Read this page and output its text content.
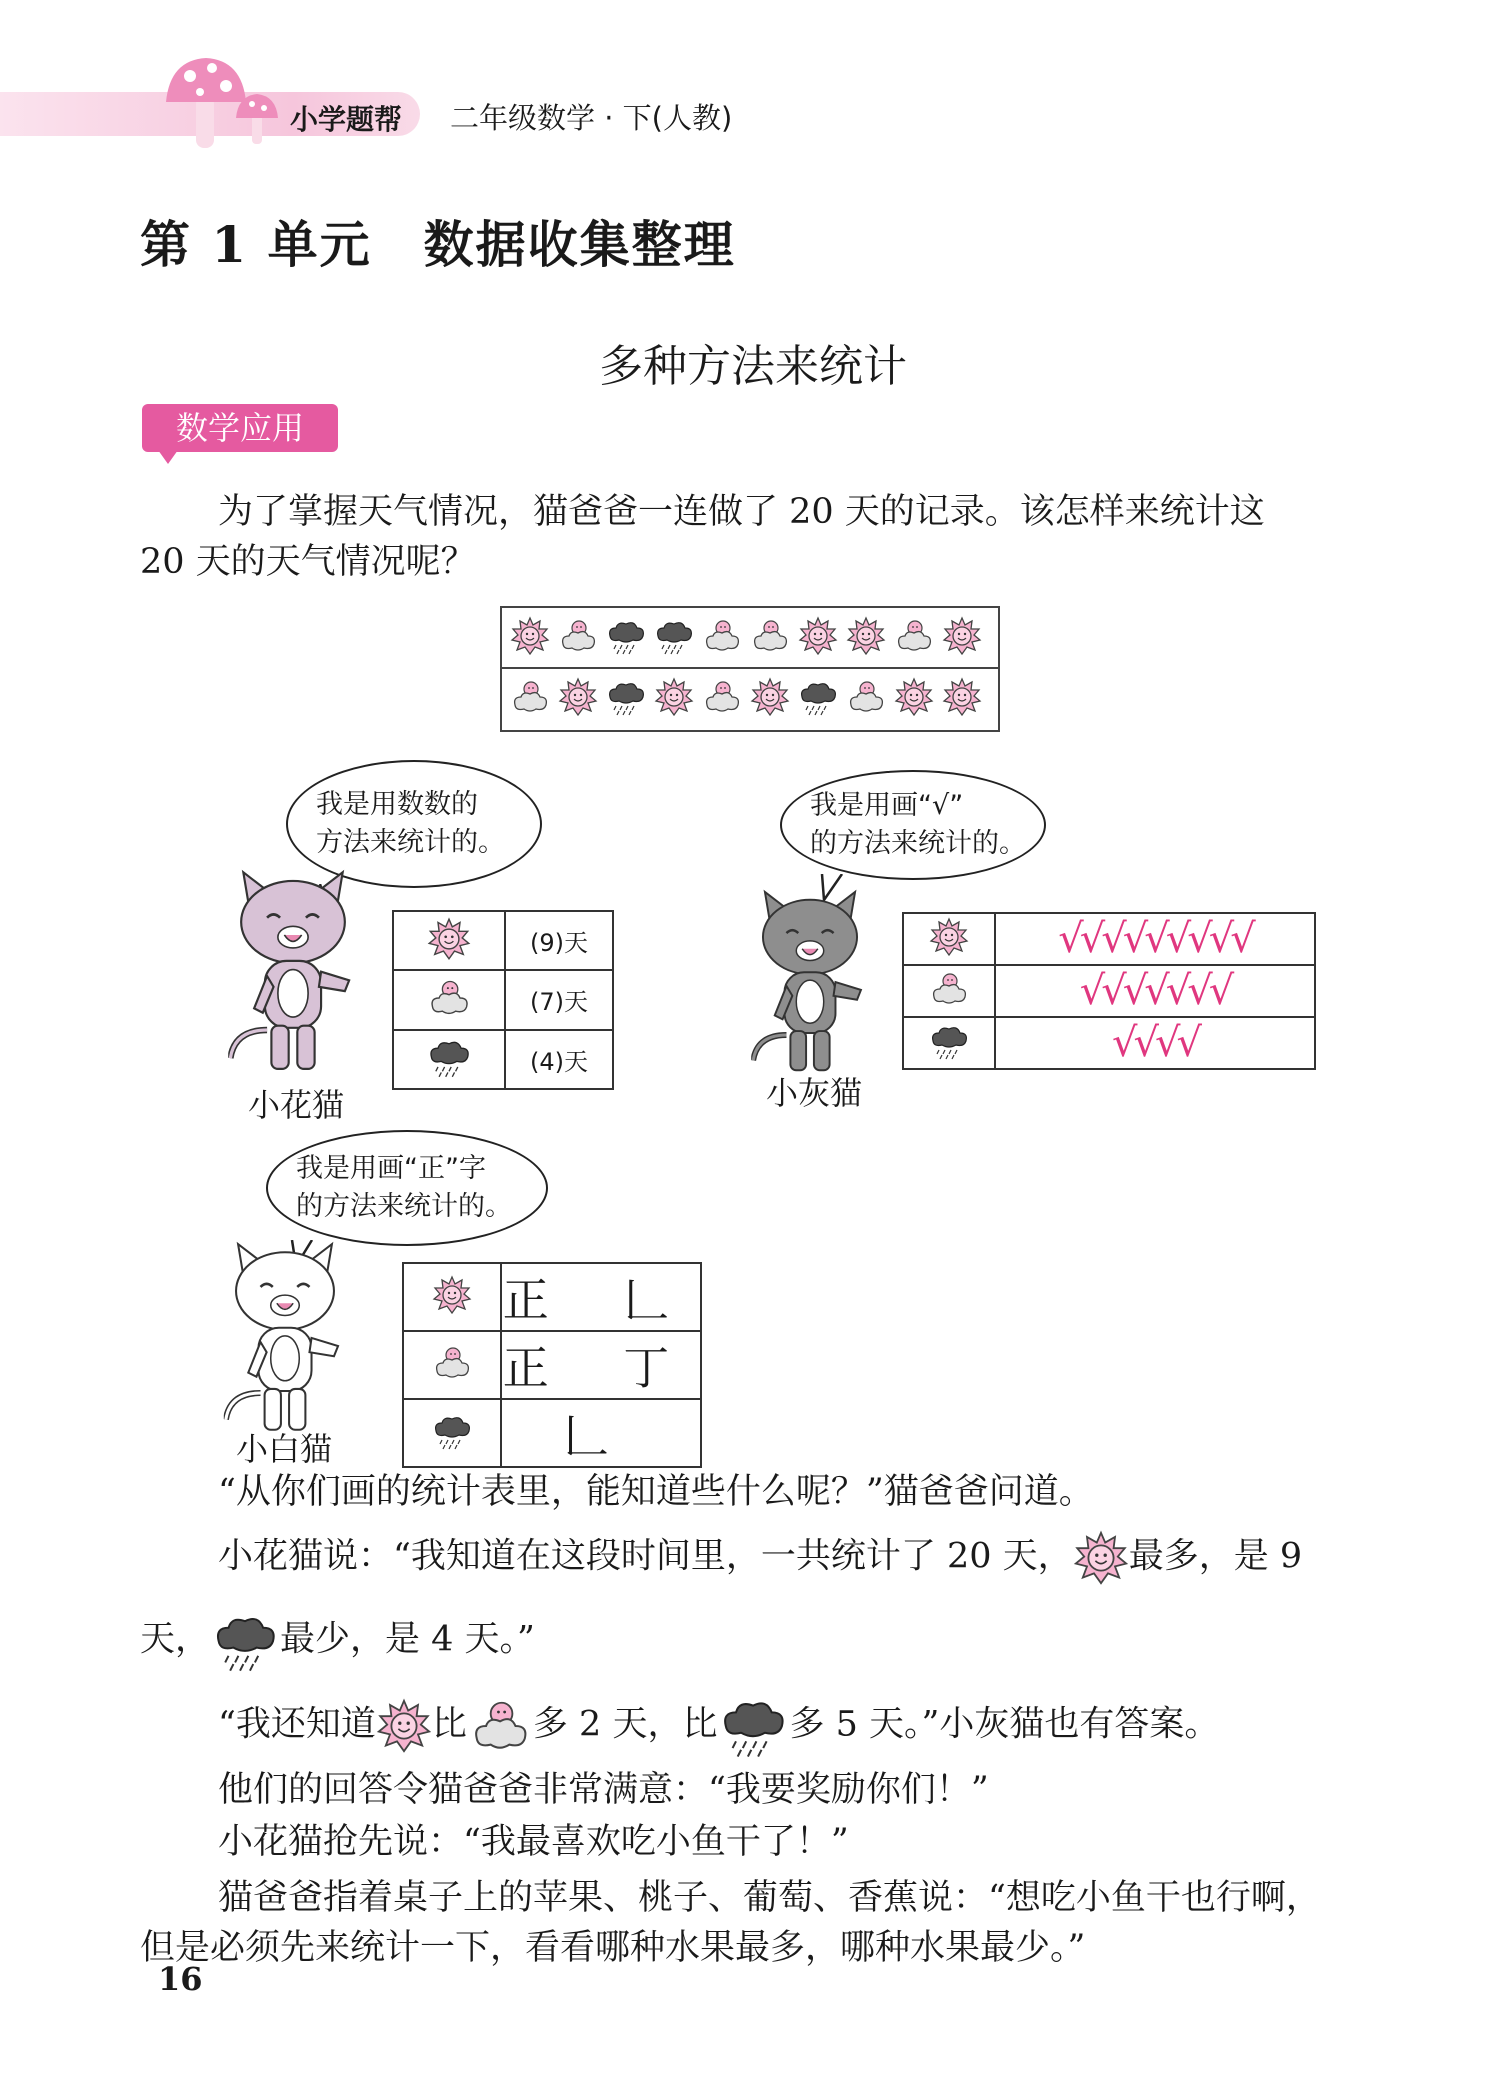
小学题帮 二年级数学 · 下(人教)
第 1 单元　数据收集整理
多种方法来统计
数学应用
为了掌握天气情况，猫爸爸一连做了 20 天的记录。该怎样来统计这
20 天的天气情况呢？
我是用数数的
方法来统计的。
小花猫
	(9)天
	(7)天
	(4)天
我是用画“√”
的方法来统计的。
小灰猫
	√√√√√√√√√
	√√√√√√√
	√√√√
我是用画“正”字
的方法来统计的。
小白猫
	正 𠃊
	正 丁
	𠃊
“从你们画的统计表里，能知道些什么呢？”猫爸爸问道。
小花猫说：“我知道在这段时间里，一共统计了 20 天， 最多，是 9
天， 最少，是 4 天。”
“我还知道 比 多 2 天，比 多 5 天。”小灰猫也有答案。
他们的回答令猫爸爸非常满意：“我要奖励你们！”
小花猫抢先说：“我最喜欢吃小鱼干了！”
猫爸爸指着桌子上的苹果、桃子、葡萄、香蕉说：“想吃小鱼干也行啊，
但是必须先来统计一下，看看哪种水果最多，哪种水果最少。”
16
